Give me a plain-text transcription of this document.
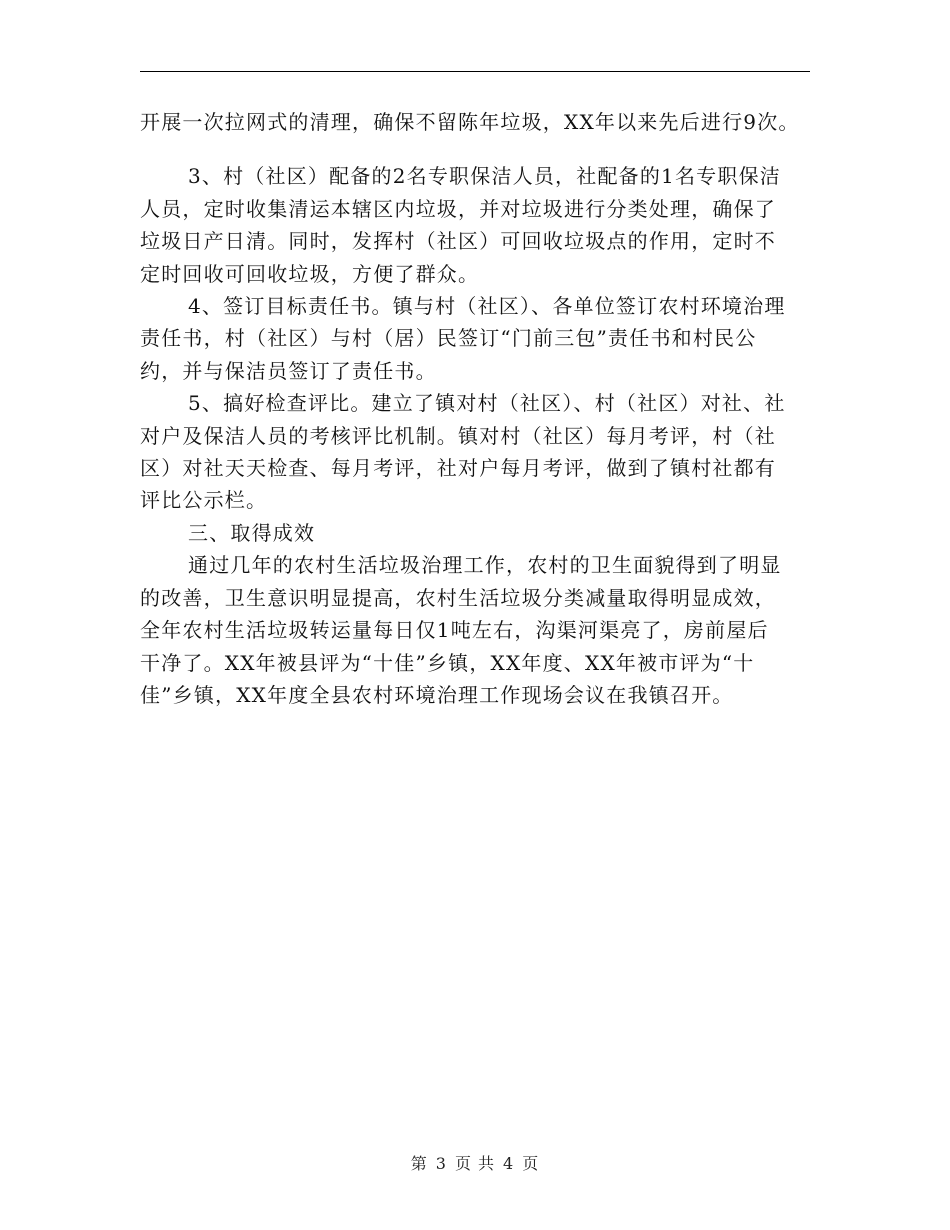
开展一次拉网式的清理，确保不留陈年垃圾，XX年以来先后进行9次。
3、村（社区）配备的2名专职保洁人员，社配备的1名专职保洁
人员，定时收集清运本辖区内垃圾，并对垃圾进行分类处理，确保了
垃圾日产日清。同时，发挥村（社区）可回收垃圾点的作用，定时不
定时回收可回收垃圾，方便了群众。
4、签订目标责任书。镇与村（社区）、各单位签订农村环境治理
责任书，村（社区）与村（居）民签订“门前三包”责任书和村民公
约，并与保洁员签订了责任书。
5、搞好检查评比。建立了镇对村（社区）、村（社区）对社、社
对户及保洁人员的考核评比机制。镇对村（社区）每月考评，村（社
区）对社天天检查、每月考评，社对户每月考评，做到了镇村社都有
评比公示栏。
三、取得成效
通过几年的农村生活垃圾治理工作，农村的卫生面貌得到了明显
的改善，卫生意识明显提高，农村生活垃圾分类减量取得明显成效，
全年农村生活垃圾转运量每日仅1吨左右，沟渠河渠亮了，房前屋后
干净了。XX年被县评为“十佳”乡镇，XX年度、XX年被市评为“十
佳”乡镇，XX年度全县农村环境治理工作现场会议在我镇召开。
第 3 页 共 4 页
